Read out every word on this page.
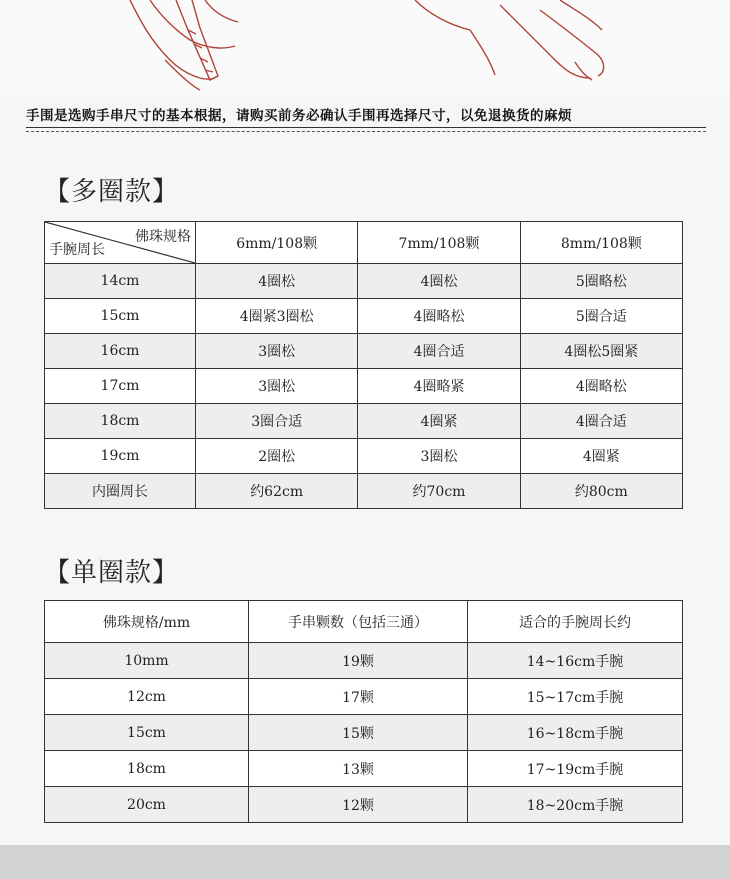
手围是选购手串尺寸的基本根据，请购买前务必确认手围再选择尺寸，以免退换货的麻烦
【多圈款】
佛珠规格
手腕周长	6mm/108颗	7mm/108颗	8mm/108颗
14cm	4圈松	4圈松	5圈略松
15cm	4圈紧3圈松	4圈略松	5圈合适
16cm	3圈松	4圈合适	4圈松5圈紧
17cm	3圈松	4圈略紧	4圈略松
18cm	3圈合适	4圈紧	4圈合适
19cm	2圈松	3圈松	4圈紧
内圈周长	约62cm	约70cm	约80cm
【单圈款】
佛珠规格/mm	手串颗数（包括三通）	适合的手腕周长约
10mm	19颗	14~16cm手腕
12cm	17颗	15~17cm手腕
15cm	15颗	16~18cm手腕
18cm	13颗	17~19cm手腕
20cm	12颗	18~20cm手腕
